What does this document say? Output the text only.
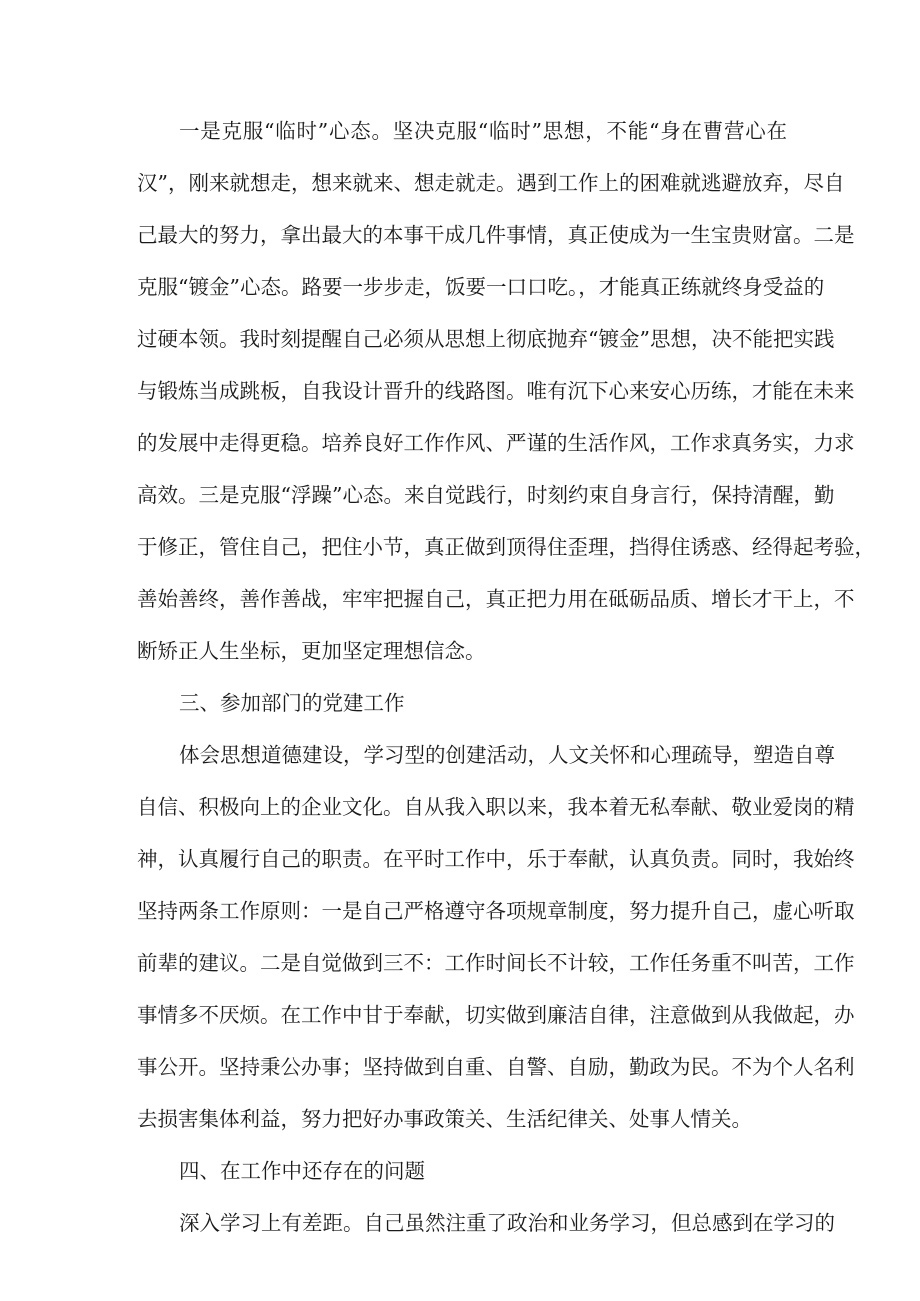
一是克服“临时”心态。坚决克服“临时”思想，不能“身在曹营心在
汉”，刚来就想走，想来就来、想走就走。遇到工作上的困难就逃避放弃，尽自
己最大的努力，拿出最大的本事干成几件事情，真正使成为一生宝贵财富。二是
克服“镀金”心态。路要一步步走，饭要一口口吃。，才能真正练就终身受益的
过硬本领。我时刻提醒自己必须从思想上彻底抛弃“镀金”思想，决不能把实践
与锻炼当成跳板，自我设计晋升的线路图。唯有沉下心来安心历练，才能在未来
的发展中走得更稳。培养良好工作作风、严谨的生活作风，工作求真务实，力求
高效。三是克服“浮躁”心态。来自觉践行，时刻约束自身言行，保持清醒，勤
于修正，管住自己，把住小节，真正做到顶得住歪理，挡得住诱惑、经得起考验，
善始善终，善作善战，牢牢把握自己，真正把力用在砥砺品质、增长才干上，不
断矫正人生坐标，更加坚定理想信念。
三、参加部门的党建工作
体会思想道德建设，学习型的创建活动，人文关怀和心理疏导，塑造自尊
自信、积极向上的企业文化。自从我入职以来，我本着无私奉献、敬业爱岗的精
神，认真履行自己的职责。在平时工作中，乐于奉献，认真负责。同时，我始终
坚持两条工作原则：一是自己严格遵守各项规章制度，努力提升自己，虚心听取
前辈的建议。二是自觉做到三不：工作时间长不计较，工作任务重不叫苦，工作
事情多不厌烦。在工作中甘于奉献，切实做到廉洁自律，注意做到从我做起，办
事公开。坚持秉公办事；坚持做到自重、自警、自励，勤政为民。不为个人名利
去损害集体利益，努力把好办事政策关、生活纪律关、处事人情关。
四、在工作中还存在的问题
深入学习上有差距。自己虽然注重了政治和业务学习，但总感到在学习的
